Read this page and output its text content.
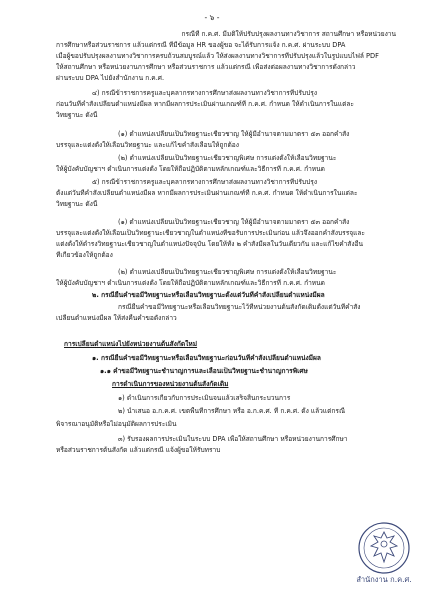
- ๖ -
กรณีที่ ก.ค.ศ. มีมติให้ปรับปรุงผลงานทางวิชาการ สถานศึกษา หรือหน่วยงาน
การศึกษาหรือส่วนราชการ แล้วแต่กรณี ที่มีข้อมูล HR ของผู้ขอ จะได้รับการแจ้ง ก.ค.ศ. ผ่านระบบ DPA
เมื่อผู้ขอปรับปรุงผลงานทางวิชาการครบถ้วนสมบูรณ์แล้ว ให้ส่งผลงานทางวิชาการที่ปรับปรุงแล้วในรูปแบบไฟล์ PDF
ให้สถานศึกษา หรือหน่วยงานการศึกษา หรือส่วนราชการ แล้วแต่กรณี เพื่อส่งต่อผลงานทางวิชาการดังกล่าว
ผ่านระบบ DPA ไปยังสำนักงาน ก.ค.ศ.
๔) กรณีข้าราชการครูและบุคลากรทางการศึกษาส่งผลงานทางวิชาการที่ปรับปรุง
ก่อนวันที่คำสั่งเปลี่ยนตำแหน่งมีผล หากมีผลการประเมินผ่านเกณฑ์ที่ ก.ค.ศ. กำหนด ให้ดำเนินการในแต่ละ
วิทยฐานะ ดังนี้
(๑) ตำแหน่งเปลี่ยนเป็นวิทยฐานะเชี่ยวชาญ ให้ผู้มีอำนาจตามมาตรา ๕๓ ออกคำสั่ง
บรรจุและแต่งตั้งให้เลื่อนวิทยฐานะ และแก้ไขคำสั่งเลื่อนให้ถูกต้อง
(๒) ตำแหน่งเปลี่ยนเป็นวิทยฐานะเชี่ยวชาญพิเศษ การแต่งตั้งให้เลื่อนวิทยฐานะ
ให้ผู้บังคับบัญชาฯ ดำเนินการแต่งตั้ง โดยให้ถือปฏิบัติตามหลักเกณฑ์และวิธีการที่ ก.ค.ศ. กำหนด
๕) กรณีข้าราชการครูและบุคลากรทางการศึกษาส่งผลงานทางวิชาการที่ปรับปรุง
ตั้งแต่วันที่คำสั่งเปลี่ยนตำแหน่งมีผล หากมีผลการประเมินผ่านเกณฑ์ที่ ก.ค.ศ. กำหนด ให้ดำเนินการในแต่ละ
วิทยฐานะ ดังนี้
(๑) ตำแหน่งเปลี่ยนเป็นวิทยฐานะเชี่ยวชาญ ให้ผู้มีอำนาจตามมาตรา ๕๓ ออกคำสั่ง
บรรจุและแต่งตั้งให้เลื่อนเป็นวิทยฐานะเชี่ยวชาญในตำแหน่งที่ขอรับการประเมินก่อน แล้วจึงออกคำสั่งบรรจุและ
แต่งตั้งให้ดำรงวิทยฐานะเชี่ยวชาญในตำแหน่งปัจจุบัน โดยให้ทั้ง ๒ คำสั่งมีผลในวันเดียวกัน และแก้ไขคำสั่งอื่น
ที่เกี่ยวข้องให้ถูกต้อง
(๒) ตำแหน่งเปลี่ยนเป็นวิทยฐานะเชี่ยวชาญพิเศษ การแต่งตั้งให้เลื่อนวิทยฐานะ
ให้ผู้บังคับบัญชาฯ ดำเนินการแต่งตั้ง โดยให้ถือปฏิบัติตามหลักเกณฑ์และวิธีการที่ ก.ค.ศ. กำหนด
๒. กรณียื่นคำขอมีวิทยฐานะหรือเลื่อนวิทยฐานะตั้งแต่วันที่คำสั่งเปลี่ยนตำแหน่งมีผล
กรณียื่นคำขอมีวิทยฐานะหรือเลื่อนวิทยฐานะไว้ที่หน่วยงานต้นสังกัดเดิมตั้งแต่วันที่คำสั่ง
เปลี่ยนตำแหน่งมีผล ให้ส่งคืนคำขอดังกล่าว
การเปลี่ยนตำแหน่งไปยังหน่วยงานต้นสังกัดใหม่
๑. กรณียื่นคำขอมีวิทยฐานะหรือเลื่อนวิทยฐานะก่อนวันที่คำสั่งเปลี่ยนตำแหน่งมีผล
๑.๑ คำขอมีวิทยฐานะชำนาญการและเลื่อนเป็นวิทยฐานะชำนาญการพิเศษ
การดำเนินการของหน่วยงานต้นสังกัดเดิม
๑) ดำเนินการเกี่ยวกับการประเมินจนแล้วเสร็จสิ้นกระบวนการ
๒) นำเสนอ อ.ก.ค.ศ. เขตพื้นที่การศึกษา หรือ อ.ก.ค.ศ. ที่ ก.ค.ศ. ตั้ง แล้วแต่กรณี
พิจารณาอนุมัติหรือไม่อนุมัติผลการประเมิน
๓) รับรองผลการประเมินในระบบ DPA เพื่อให้สถานศึกษา หรือหน่วยงานการศึกษา
หรือส่วนราชการต้นสังกัด แล้วแต่กรณี แจ้งผู้ขอให้รับทราบ
สำนักงาน ก.ค.ศ.
